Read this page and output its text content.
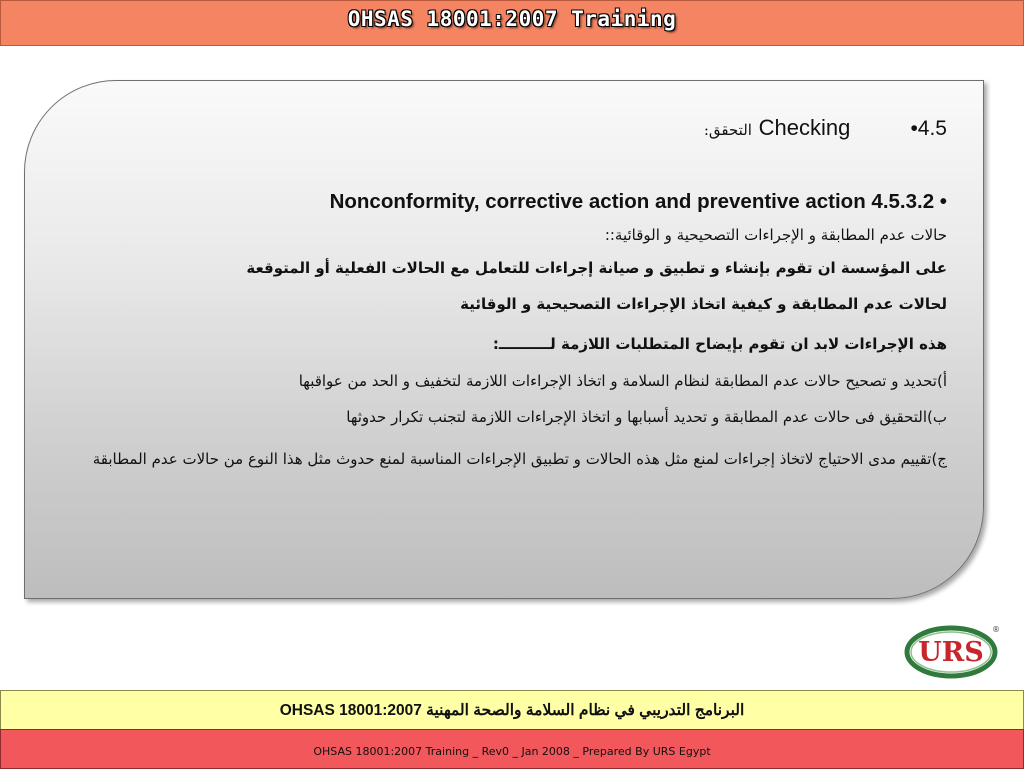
OHSAS 18001:2007 Training
4.5•         Checking التحقق:
Nonconformity, corrective action and preventive action 4.5.3.2 •
حالات عدم المطابقة و الإجراءات التصحيحية و الوقائية::
على المؤسسة ان تقوم بإنشاء و تطبيق و صيانة إجراءات للتعامل مع الحالات الفعلية أو المتوقعة
لحالات عدم المطابقة و كيفية اتخاذ الإجراءات التصحيحية و الوقائية
هذه الإجراءات لابد ان تقوم بإيضاح المتطلبات اللازمة لــــــــــ:
أ)تحديد و تصحيح حالات عدم المطابقة لنظام السلامة و اتخاذ الإجراءات اللازمة لتخفيف و الحد من عواقبها
ب)التحقيق فى حالات عدم المطابقة و تحديد أسبابها و اتخاذ الإجراءات اللازمة لتجنب تكرار حدوثها
ج)تقييم مدى الاحتياج لاتخاذ إجراءات لمنع مثل هذه الحالات و تطبيق الإجراءات المناسبة لمنع حدوث مثل هذا النوع من حالات عدم المطابقة
URS
®
البرنامج التدريبي في نظام السلامة والصحة المهنية OHSAS 18001:2007
OHSAS 18001:2007 Training _ Rev0 _ Jan 2008 _ Prepared By URS Egypt
